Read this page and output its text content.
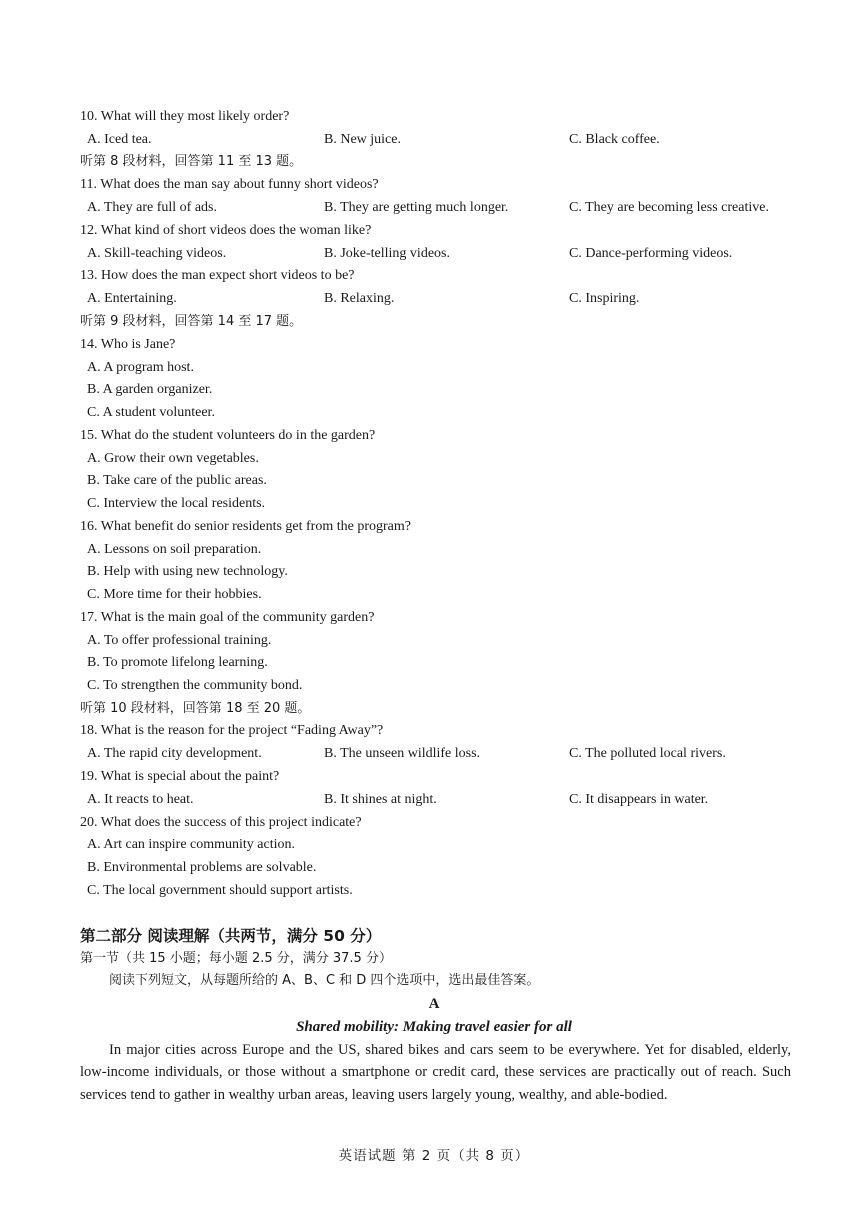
10. What will they most likely order?
A. Iced tea.	B. New juice.	C. Black coffee.
听第 8 段材料，回答第 11 至 13 题。
11. What does the man say about funny short videos?
A. They are full of ads.	B. They are getting much longer.	C. They are becoming less creative.
12. What kind of short videos does the woman like?
A. Skill-teaching videos.	B. Joke-telling videos.	C. Dance-performing videos.
13. How does the man expect short videos to be?
A. Entertaining.	B. Relaxing.	C. Inspiring.
听第 9 段材料，回答第 14 至 17 题。
14. Who is Jane?
A. A program host.
B. A garden organizer.
C. A student volunteer.
15. What do the student volunteers do in the garden?
A. Grow their own vegetables.
B. Take care of the public areas.
C. Interview the local residents.
16. What benefit do senior residents get from the program?
A. Lessons on soil preparation.
B. Help with using new technology.
C. More time for their hobbies.
17. What is the main goal of the community garden?
A. To offer professional training.
B. To promote lifelong learning.
C. To strengthen the community bond.
听第 10 段材料，回答第 18 至 20 题。
18. What is the reason for the project “Fading Away”?
A. The rapid city development.	B. The unseen wildlife loss.	C. The polluted local rivers.
19. What is special about the paint?
A. It reacts to heat.	B. It shines at night.	C. It disappears in water.
20. What does the success of this project indicate?
A. Art can inspire community action.
B. Environmental problems are solvable.
C. The local government should support artists.
第二部分 阅读理解（共两节，满分 50 分）
第一节（共 15 小题；每小题 2.5 分，满分 37.5 分）
阅读下列短文，从每题所给的 A、B、C 和 D 四个选项中，选出最佳答案。
A
Shared mobility: Making travel easier for all
In major cities across Europe and the US, shared bikes and cars seem to be everywhere. Yet for disabled, elderly, low-income individuals, or those without a smartphone or credit card, these services are practically out of reach. Such services tend to gather in wealthy urban areas, leaving users largely young, wealthy, and able-bodied.
英语试题 第 2 页（共 8 页）
